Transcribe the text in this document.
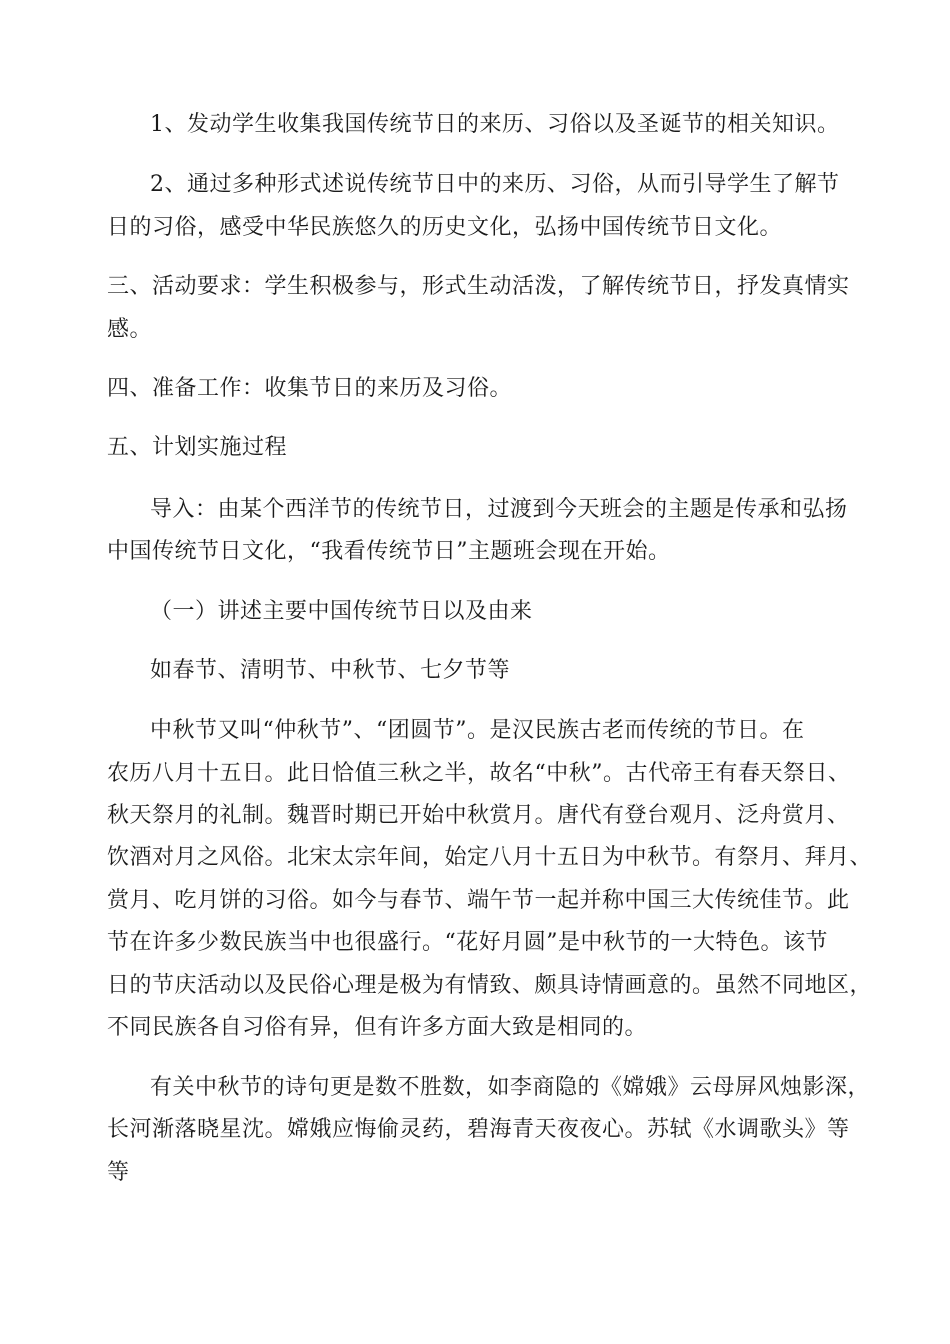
1、发动学生收集我国传统节日的来历、习俗以及圣诞节的相关知识。
2、通过多种形式述说传统节日中的来历、习俗，从而引导学生了解节
日的习俗，感受中华民族悠久的历史文化，弘扬中国传统节日文化。
三、活动要求：学生积极参与，形式生动活泼，了解传统节日，抒发真情实
感。
四、准备工作：收集节日的来历及习俗。
五、计划实施过程
导入：由某个西洋节的传统节日，过渡到今天班会的主题是传承和弘扬
中国传统节日文化，“我看传统节日”主题班会现在开始。
（一）讲述主要中国传统节日以及由来
如春节、清明节、中秋节、七夕节等
中秋节又叫“仲秋节”、“团圆节”。是汉民族古老而传统的节日。在
农历八月十五日。此日恰值三秋之半，故名“中秋”。古代帝王有春天祭日、
秋天祭月的礼制。魏晋时期已开始中秋赏月。唐代有登台观月、泛舟赏月、
饮酒对月之风俗。北宋太宗年间，始定八月十五日为中秋节。有祭月、拜月、
赏月、吃月饼的习俗。如今与春节、端午节一起并称中国三大传统佳节。此
节在许多少数民族当中也很盛行。“花好月圆”是中秋节的一大特色。该节
日的节庆活动以及民俗心理是极为有情致、颇具诗情画意的。虽然不同地区，
不同民族各自习俗有异，但有许多方面大致是相同的。
有关中秋节的诗句更是数不胜数，如李商隐的《嫦娥》云母屏风烛影深，
长河渐落晓星沈。嫦娥应悔偷灵药，碧海青天夜夜心。苏轼《水调歌头》等
等
